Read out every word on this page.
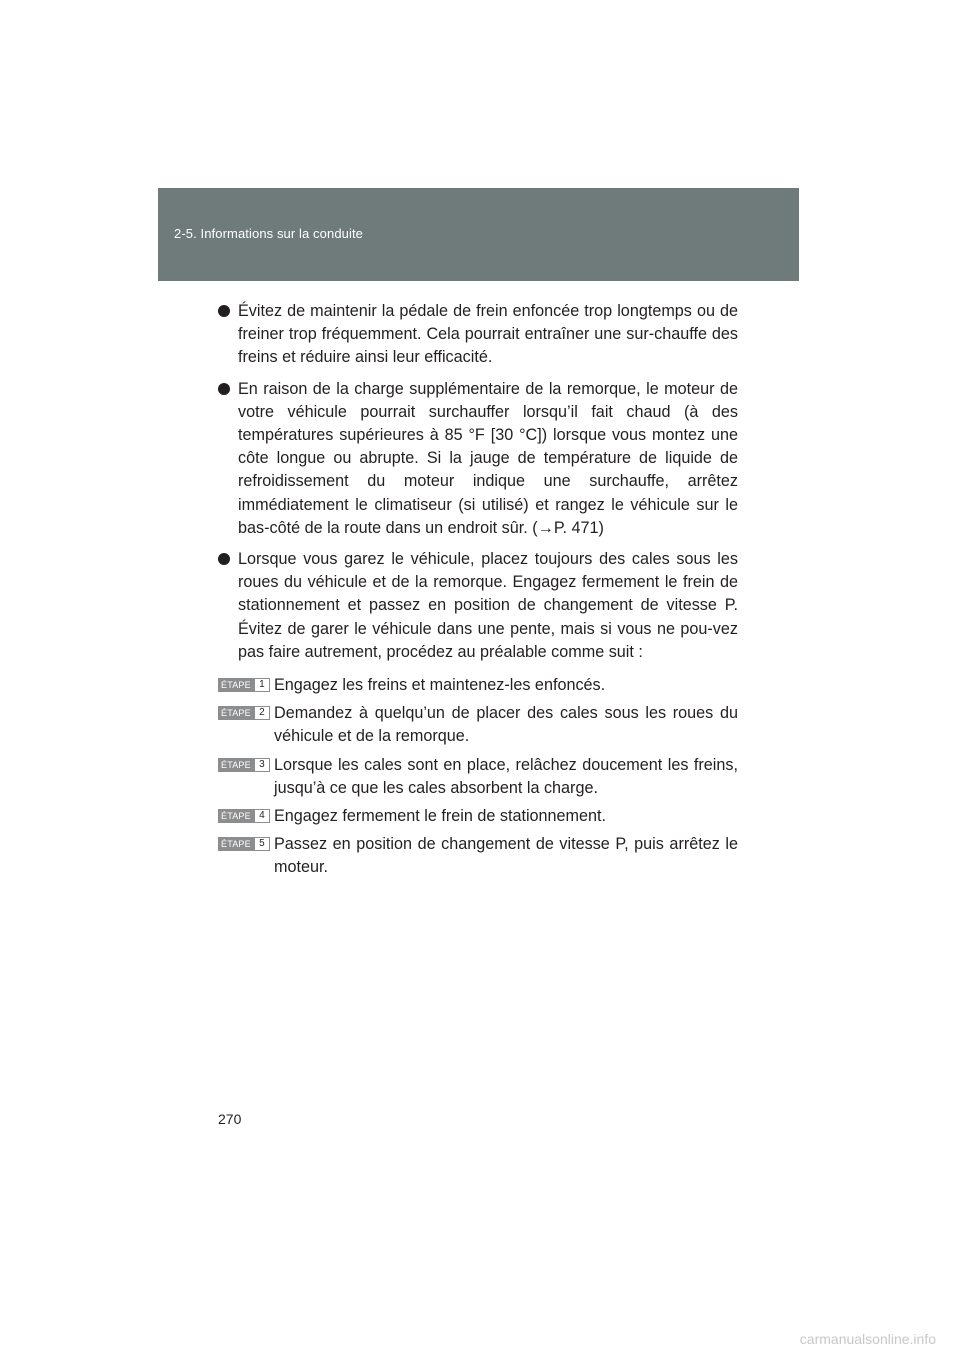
2-5. Informations sur la conduite
Évitez de maintenir la pédale de frein enfoncée trop longtemps ou de freiner trop fréquemment. Cela pourrait entraîner une sur-chauffe des freins et réduire ainsi leur efficacité.
En raison de la charge supplémentaire de la remorque, le moteur de votre véhicule pourrait surchauffer lorsqu’il fait chaud (à des températures supérieures à 85 °F [30 °C]) lorsque vous montez une côte longue ou abrupte. Si la jauge de température de liquide de refroidissement du moteur indique une surchauffe, arrêtez immédiatement le climatiseur (si utilisé) et rangez le véhicule sur le bas-côté de la route dans un endroit sûr. (→P. 471)
Lorsque vous garez le véhicule, placez toujours des cales sous les roues du véhicule et de la remorque. Engagez fermement le frein de stationnement et passez en position de changement de vitesse P. Évitez de garer le véhicule dans une pente, mais si vous ne pou-vez pas faire autrement, procédez au préalable comme suit :
ÉTAPE 1 Engagez les freins et maintenez-les enfoncés.
ÉTAPE 2 Demandez à quelqu’un de placer des cales sous les roues du véhicule et de la remorque.
ÉTAPE 3 Lorsque les cales sont en place, relâchez doucement les freins, jusqu’à ce que les cales absorbent la charge.
ÉTAPE 4 Engagez fermement le frein de stationnement.
ÉTAPE 5 Passez en position de changement de vitesse P, puis arrêtez le moteur.
270
carmanualsonline.info
